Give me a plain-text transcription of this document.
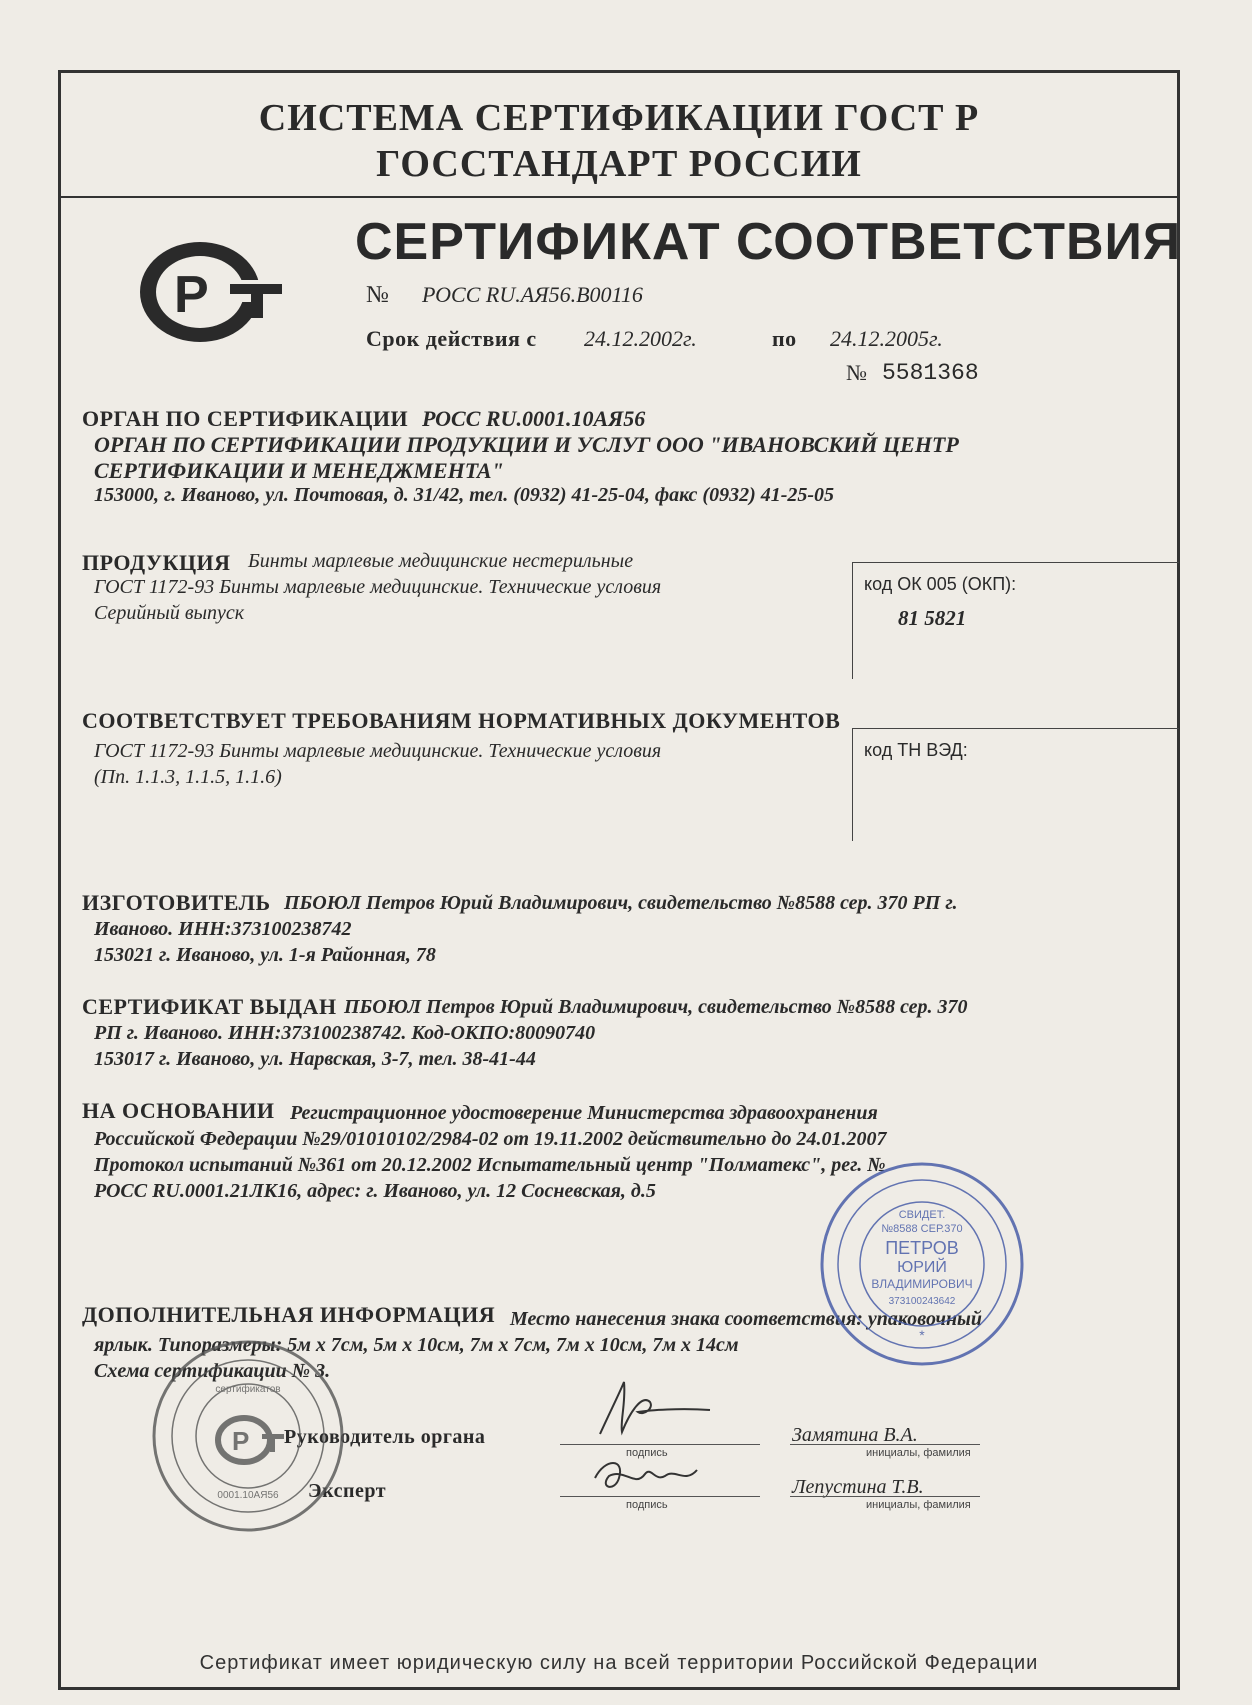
СИСТЕМА СЕРТИФИКАЦИИ ГОСТ Р
ГОССТАНДАРТ РОССИИ
Р
СЕРТИФИКАТ СООТВЕТСТВИЯ
№ РОСС RU.АЯ56.В00116
Срок действия с 24.12.2002г.	по 24.12.2005г.
№ 5581368
ОРГАН ПО СЕРТИФИКАЦИИ РОСС RU.0001.10АЯ56
ОРГАН ПО СЕРТИФИКАЦИИ ПРОДУКЦИИ И УСЛУГ ООО "ИВАНОВСКИЙ ЦЕНТР
СЕРТИФИКАЦИИ И МЕНЕДЖМЕНТА"
153000, г. Иваново, ул. Почтовая, д. 31/42, тел. (0932) 41-25-04, факс (0932) 41-25-05
ПРОДУКЦИЯ Бинты марлевые медицинские нестерильные
ГОСТ 1172-93 Бинты марлевые медицинские. Технические условия
Серийный выпуск
код ОК 005 (ОКП):
81 5821
СООТВЕТСТВУЕТ ТРЕБОВАНИЯМ НОРМАТИВНЫХ ДОКУМЕНТОВ
ГОСТ 1172-93 Бинты марлевые медицинские. Технические условия
(Пп. 1.1.3, 1.1.5, 1.1.6)
код ТН ВЭД:
ИЗГОТОВИТЕЛЬ ПБОЮЛ Петров Юрий Владимирович, свидетельство №8588 сер. 370 РП г.
Иваново. ИНН:373100238742
153021 г. Иваново, ул. 1-я Районная, 78
СЕРТИФИКАТ ВЫДАН ПБОЮЛ Петров Юрий Владимирович, свидетельство №8588 сер. 370
РП г. Иваново. ИНН:373100238742. Код-ОКПО:80090740
153017 г. Иваново, ул. Нарвская, 3-7, тел. 38-41-44
НА ОСНОВАНИИ Регистрационное удостоверение Министерства здравоохранения
Российской Федерации №29/01010102/2984-02 от 19.11.2002 действительно до 24.01.2007
Протокол испытаний №361 от 20.12.2002 Испытательный центр "Полматекс", рег. №
РОСС RU.0001.21ЛК16, адрес: г. Иваново, ул. 12 Сосневская, д.5
ДОПОЛНИТЕЛЬНАЯ ИНФОРМАЦИЯ Место нанесения знака соответствия: упаковочный
ярлык. Типоразмеры: 5м х 7см, 5м х 10см, 7м х 7см, 7м х 10см, 7м х 14см
Схема сертификации № 3.
Руководитель органа
подпись
Замятина В.А.
инициалы, фамилия
Эксперт
подпись
Лепустина Т.В.
инициалы, фамилия
СВИДЕТ.
№8588 СЕР.370
ПЕТРОВ
ЮРИЙ
ВЛАДИМИРОВИЧ
373100243642
*
сертификатов
Р
0001.10АЯ56
Сертификат имеет юридическую силу на всей территории Российской Федерации
